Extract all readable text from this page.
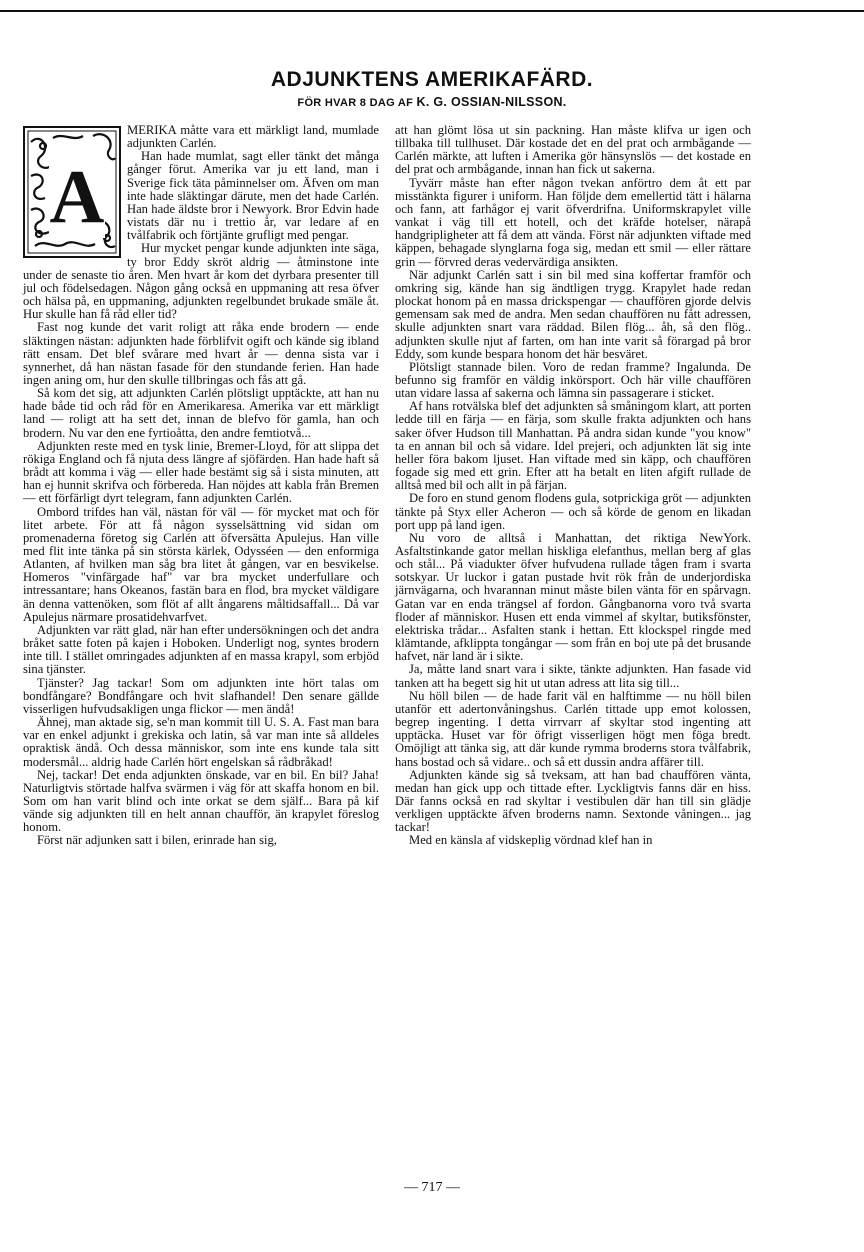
ADJUNKTENS AMERIKAFÄRD.
FÖR HVAR 8 DAG AF K. G. OSSIAN-NILSSON.
A

MERIKA måtte vara ett märkligt land, mumlade adjunkten Carlén.

Han hade mumlat, sagt eller tänkt det många gånger förut. Amerika var ju ett land, man i Sverige fick täta påminnelser om. Äfven om man inte hade släktingar därute, men det hade Carlén. Han hade äldste bror i Newyork. Bror Edvin hade vistats där nu i trettio år, var ledare af en tvålfabrik och förtjänte grufligt med pengar.

Hur mycket pengar kunde adjunkten inte säga, ty bror Eddy skröt aldrig — åtminstone inte under de senaste tio åren. Men hvart år kom det dyrbara presenter till jul och födelsedagen. Någon gång också en uppmaning att resa öfver och hälsa på, en uppmaning, adjunkten regelbundet brukade smäle åt. Hur skulle han få råd eller tid?

Fast nog kunde det varit roligt att råka ende brodern — ende släktingen nästan: adjunkten hade förblifvit ogift och kände sig ibland rätt ensam. Det blef svårare med hvart år — denna sista var i synnerhet, då han nästan fasade för den stundande ferien. Han hade ingen aning om, hur den skulle tillbringas och fås att gå.

Så kom det sig, att adjunkten Carlén plötsligt upptäckte, att han nu hade både tid och råd för en Amerikaresa. Amerika var ett märkligt land — roligt att ha sett det, innan de blefvo för gamla, han och brodern. Nu var den ene fyrtioåtta, den andre femtiotvå...

Adjunkten reste med en tysk linie, Bremer-Lloyd, för att slippa det rökiga England och få njuta dess längre af sjöfärden. Han hade haft så brådt att komma i väg — eller hade bestämt sig så i sista minuten, att han ej hunnit skrifva och förbereda. Han nöjdes att kabla från Bremen — ett förfärligt dyrt telegram, fann adjunkten Carlén.

Ombord trifdes han väl, nästan för väl — för mycket mat och för litet arbete. För att få någon sysselsättning vid sidan om promenaderna företog sig Carlén att öfversätta Apulejus. Han ville med flit inte tänka på sin största kärlek, Odysséen — den enformiga Atlanten, af hvilken man såg bra litet åt gången, var en besvikelse. Homeros "vinfärgade haf" var bra mycket underfullare och intressantare; hans Okeanos, fastän bara en flod, bra mycket väldigare än denna vattenöken, som flöt af allt ångarens måltidsaffall... Då var Apulejus närmare prosatidehvarfvet.

Adjunkten var rätt glad, när han efter undersökningen och det andra bråket satte foten på kajen i Hoboken. Underligt nog, syntes brodern inte till. I stället omringades adjunkten af en massa krapyl, som erbjöd sina tjänster.

Tjänster? Jag tackar! Som om adjunkten inte hört talas om bondfångare? Bondfångare och hvit slafhandel! Den senare gällde visserligen hufvudsakligen unga flickor — men ändå!

Ähnej, man aktade sig, se'n man kommit till U. S. A. Fast man bara var en enkel adjunkt i grekiska och latin, så var man inte så alldeles opraktisk ändå. Och dessa människor, som inte ens kunde tala sitt modersmål... aldrig hade Carlén hört engelskan så rådbråkad!

Nej, tackar! Det enda adjunkten önskade, var en bil. En bil? Jaha! Naturligtvis störtade halfva svärmen i väg för att skaffa honom en bil. Som om han varit blind och inte orkat se dem själf... Bara på kif vände sig adjunkten till en helt annan chaufför, än krapylet föreslog honom.

Först när adjunken satt i bilen, erinrade han sig,

att han glömt lösa ut sin packning. Han måste klifva ur igen och tillbaka till tullhuset. Där kostade det en del prat och armbågande — Carlén märkte, att luften i Amerika gör hänsynslös — det kostade en del prat och armbågande, innan han fick ut sakerna.

Tyvärr måste han efter någon tvekan anförtro dem åt ett par misstänkta figurer i uniform. Han följde dem emellertid tätt i hälarna och fann, att farhågor ej varit öfverdrifna. Uniformskrapylet ville vankat i väg till ett hotell, och det kräfde hotelser, närapå handgripligheter att få dem att vända. Först när adjunkten viftade med käppen, behagade slynglarna foga sig, medan ett smil — eller rättare grin — förvred deras vedervärdiga ansikten.

När adjunkt Carlén satt i sin bil med sina koffertar framför och omkring sig, kände han sig ändtligen trygg. Krapylet hade redan plockat honom på en massa drickspengar — chauffören gjorde delvis gemensam sak med de andra. Men sedan chauffören nu fått adressen, skulle adjunkten snart vara räddad. Bilen flög... åh, så den flög.. adjunkten skulle njut af farten, om han inte varit så förargad på bror Eddy, som kunde bespara honom det här besväret.

Plötsligt stannade bilen. Voro de redan framme? Ingalunda. De befunno sig framför en väldig inkörsport. Och här ville chauffören utan vidare lassa af sakerna och lämna sin passagerare i sticket.

Af hans rotvälska blef det adjunkten så småningom klart, att porten ledde till en färja — en färja, som skulle frakta adjunkten och hans saker öfver Hudson till Manhattan. På andra sidan kunde "you know" ta en annan bil och så vidare. Idel prejeri, och adjunkten lät sig inte heller föra bakom ljuset. Han viftade med sin käpp, och chauffören fogade sig med ett grin. Efter att ha betalt en liten afgift rullade de alltså med bil och allt in på färjan.

De foro en stund genom flodens gula, sotprickiga gröt — adjunkten tänkte på Styx eller Acheron — och så körde de genom en likadan port upp på land igen.

Nu voro de alltså i Manhattan, det riktiga NewYork. Asfaltstinkande gator mellan hiskliga elefanthus, mellan berg af glas och stål... På viadukter öfver hufvudena rullade tågen fram i svarta sotskyar. Ur luckor i gatan pustade hvit rök från de underjordiska järnvägarna, och hvarannan minut måste bilen vänta för en spårvagn. Gatan var en enda trängsel af fordon. Gångbanorna voro två svarta floder af människor. Husen ett enda vimmel af skyltar, butiksfönster, elektriska trådar... Asfalten stank i hettan. Ett klockspel ringde med klämtande, afklippta tongångar — som från en boj ute på det brusande hafvet, när land är i sikte.

Ja, måtte land snart vara i sikte, tänkte adjunkten. Han fasade vid tanken att ha begett sig hit ut utan adress att lita sig till...

Nu höll bilen — de hade farit väl en halftimme — nu höll bilen utanför ett adertonvåningshus. Carlén tittade upp emot kolossen, begrep ingenting. I detta virrvarr af skyltar stod ingenting att upptäcka. Huset var för öfrigt visserligen högt men föga bredt. Omöjligt att tänka sig, att där kunde rymma broderns stora tvålfabrik, hans bostad och så vidare.. och så ett dussin andra affärer till.

Adjunkten kände sig så tveksam, att han bad chauffören vänta, medan han gick upp och tittade efter. Lyckligtvis fanns där en hiss. Där fanns också en rad skyltar i vestibulen där han till sin glädje verkligen upptäckte äfven broderns namn. Sextonde våningen... jag tackar!

Med en känsla af vidskeplig vördnad klef han in

— 717 —
